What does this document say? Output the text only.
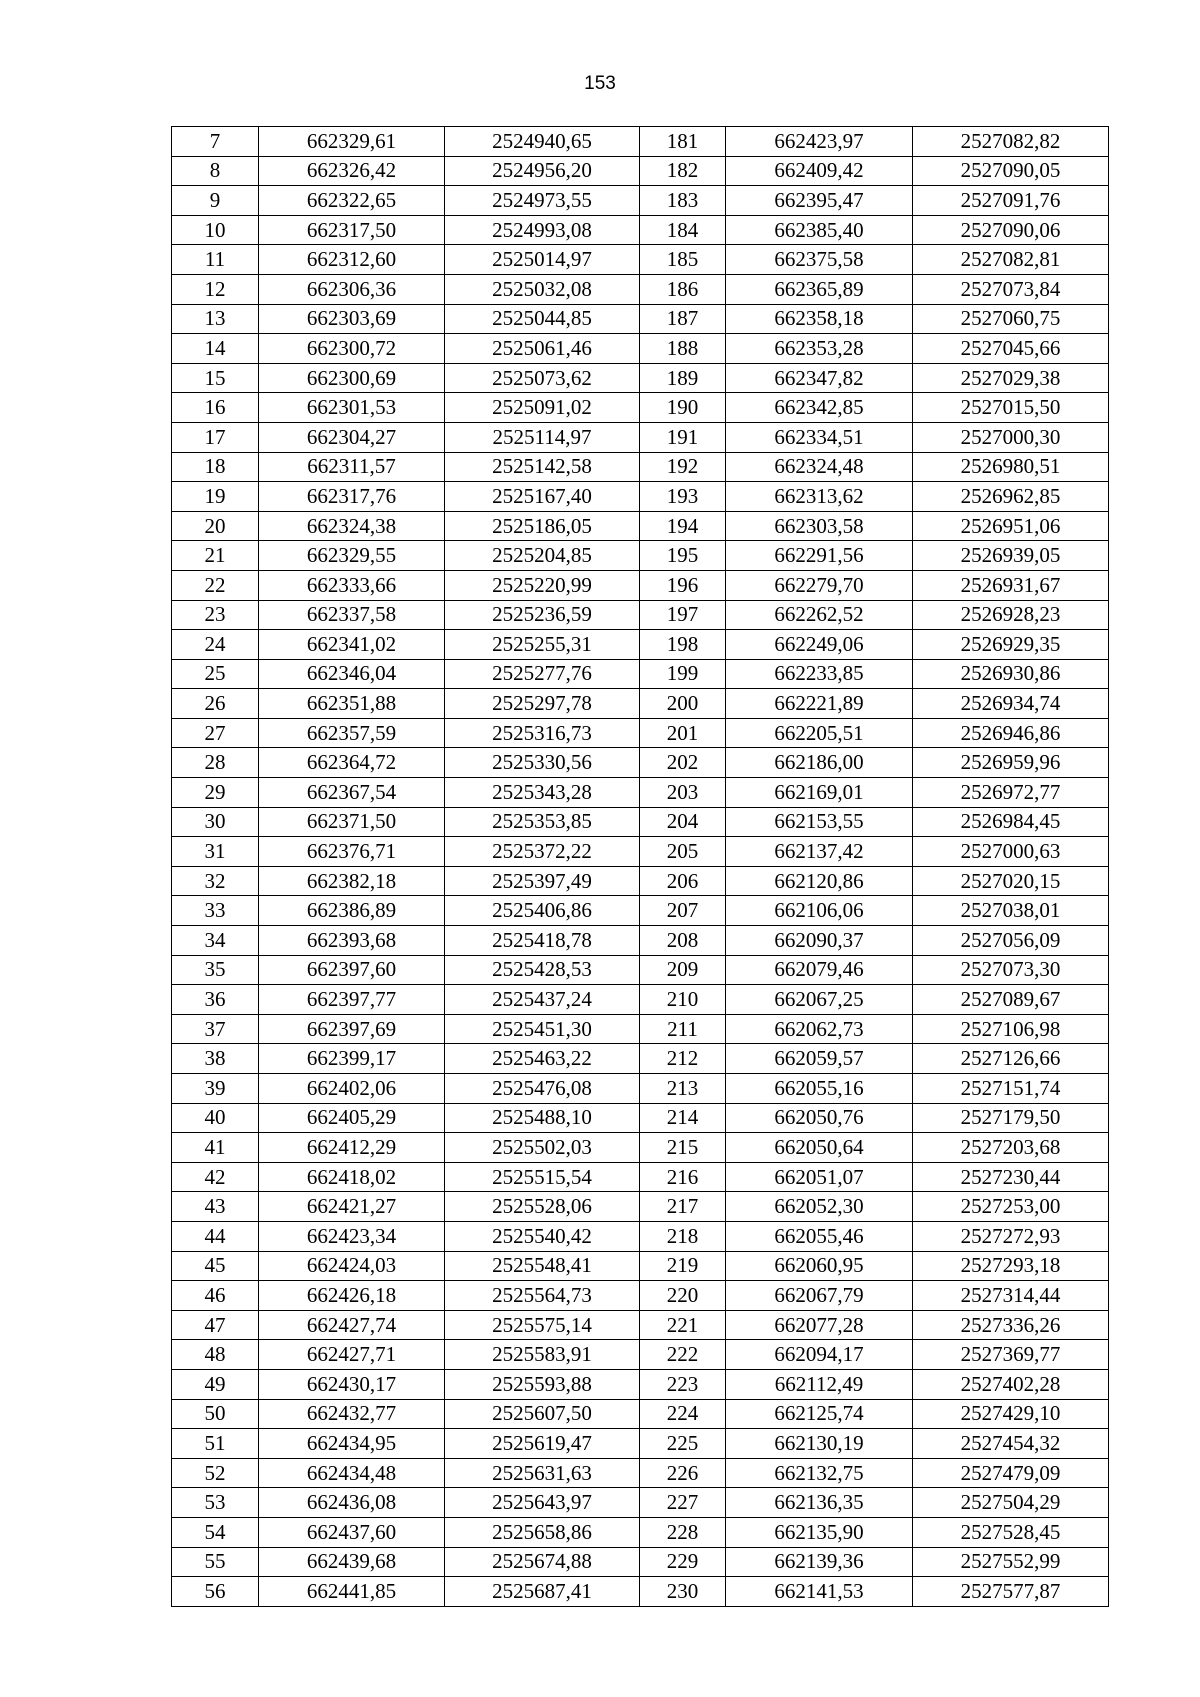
153
7	662329,61	2524940,65	181	662423,97	2527082,82
8	662326,42	2524956,20	182	662409,42	2527090,05
9	662322,65	2524973,55	183	662395,47	2527091,76
10	662317,50	2524993,08	184	662385,40	2527090,06
11	662312,60	2525014,97	185	662375,58	2527082,81
12	662306,36	2525032,08	186	662365,89	2527073,84
13	662303,69	2525044,85	187	662358,18	2527060,75
14	662300,72	2525061,46	188	662353,28	2527045,66
15	662300,69	2525073,62	189	662347,82	2527029,38
16	662301,53	2525091,02	190	662342,85	2527015,50
17	662304,27	2525114,97	191	662334,51	2527000,30
18	662311,57	2525142,58	192	662324,48	2526980,51
19	662317,76	2525167,40	193	662313,62	2526962,85
20	662324,38	2525186,05	194	662303,58	2526951,06
21	662329,55	2525204,85	195	662291,56	2526939,05
22	662333,66	2525220,99	196	662279,70	2526931,67
23	662337,58	2525236,59	197	662262,52	2526928,23
24	662341,02	2525255,31	198	662249,06	2526929,35
25	662346,04	2525277,76	199	662233,85	2526930,86
26	662351,88	2525297,78	200	662221,89	2526934,74
27	662357,59	2525316,73	201	662205,51	2526946,86
28	662364,72	2525330,56	202	662186,00	2526959,96
29	662367,54	2525343,28	203	662169,01	2526972,77
30	662371,50	2525353,85	204	662153,55	2526984,45
31	662376,71	2525372,22	205	662137,42	2527000,63
32	662382,18	2525397,49	206	662120,86	2527020,15
33	662386,89	2525406,86	207	662106,06	2527038,01
34	662393,68	2525418,78	208	662090,37	2527056,09
35	662397,60	2525428,53	209	662079,46	2527073,30
36	662397,77	2525437,24	210	662067,25	2527089,67
37	662397,69	2525451,30	211	662062,73	2527106,98
38	662399,17	2525463,22	212	662059,57	2527126,66
39	662402,06	2525476,08	213	662055,16	2527151,74
40	662405,29	2525488,10	214	662050,76	2527179,50
41	662412,29	2525502,03	215	662050,64	2527203,68
42	662418,02	2525515,54	216	662051,07	2527230,44
43	662421,27	2525528,06	217	662052,30	2527253,00
44	662423,34	2525540,42	218	662055,46	2527272,93
45	662424,03	2525548,41	219	662060,95	2527293,18
46	662426,18	2525564,73	220	662067,79	2527314,44
47	662427,74	2525575,14	221	662077,28	2527336,26
48	662427,71	2525583,91	222	662094,17	2527369,77
49	662430,17	2525593,88	223	662112,49	2527402,28
50	662432,77	2525607,50	224	662125,74	2527429,10
51	662434,95	2525619,47	225	662130,19	2527454,32
52	662434,48	2525631,63	226	662132,75	2527479,09
53	662436,08	2525643,97	227	662136,35	2527504,29
54	662437,60	2525658,86	228	662135,90	2527528,45
55	662439,68	2525674,88	229	662139,36	2527552,99
56	662441,85	2525687,41	230	662141,53	2527577,87
